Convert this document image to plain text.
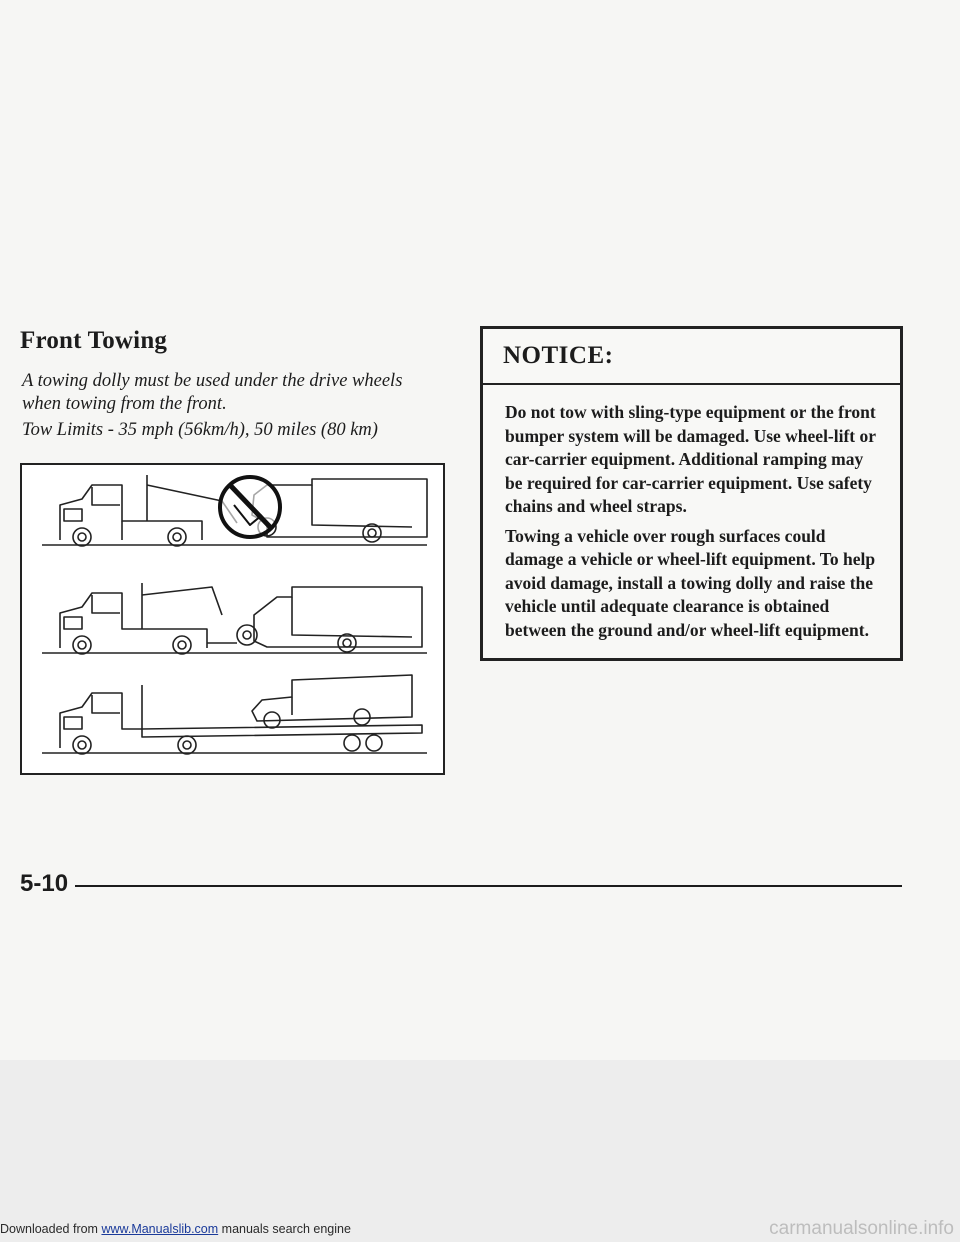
Front Towing

A towing dolly must be used under the drive wheels when towing from the front.

Tow Limits - 35 mph (56km/h), 50 miles (80 km)

NOTICE:

Do not tow with sling-type equipment or the front bumper system will be damaged. Use wheel-lift or car-carrier equipment. Additional ramping may be required for car-carrier equipment. Use safety chains and wheel straps.

Towing a vehicle over rough surfaces could damage a vehicle or wheel-lift equipment. To help avoid damage, install a towing dolly and raise the vehicle until adequate clearance is obtained between the ground and/or wheel-lift equipment.

5-10
Downloaded from www.Manualslib.com manuals search engine	carmanualsonline.info
